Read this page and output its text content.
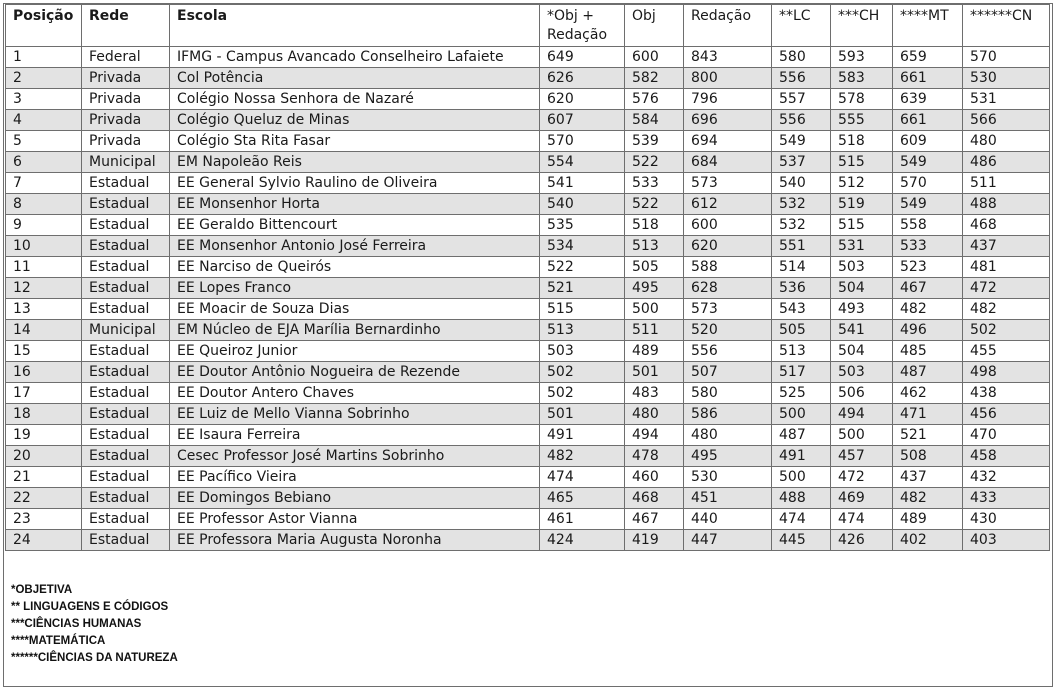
Posição	Rede	Escola	*Obj + Redação	Obj	Redação	**LC	***CH	****MT	******CN
1	Federal	IFMG - Campus Avancado Conselheiro Lafaiete	649	600	843	580	593	659	570
2	Privada	Col Potência	626	582	800	556	583	661	530
3	Privada	Colégio Nossa Senhora de Nazaré	620	576	796	557	578	639	531
4	Privada	Colégio Queluz de Minas	607	584	696	556	555	661	566
5	Privada	Colégio Sta Rita Fasar	570	539	694	549	518	609	480
6	Municipal	EM Napoleão Reis	554	522	684	537	515	549	486
7	Estadual	EE General Sylvio Raulino de Oliveira	541	533	573	540	512	570	511
8	Estadual	EE Monsenhor Horta	540	522	612	532	519	549	488
9	Estadual	EE Geraldo Bittencourt	535	518	600	532	515	558	468
10	Estadual	EE Monsenhor Antonio José Ferreira	534	513	620	551	531	533	437
11	Estadual	EE Narciso de Queirós	522	505	588	514	503	523	481
12	Estadual	EE Lopes Franco	521	495	628	536	504	467	472
13	Estadual	EE Moacir de Souza Dias	515	500	573	543	493	482	482
14	Municipal	EM Núcleo de EJA Marília Bernardinho	513	511	520	505	541	496	502
15	Estadual	EE Queiroz Junior	503	489	556	513	504	485	455
16	Estadual	EE Doutor Antônio Nogueira de Rezende	502	501	507	517	503	487	498
17	Estadual	EE Doutor Antero Chaves	502	483	580	525	506	462	438
18	Estadual	EE Luiz de Mello Vianna Sobrinho	501	480	586	500	494	471	456
19	Estadual	EE Isaura Ferreira	491	494	480	487	500	521	470
20	Estadual	Cesec Professor José Martins Sobrinho	482	478	495	491	457	508	458
21	Estadual	EE Pacífico Vieira	474	460	530	500	472	437	432
22	Estadual	EE Domingos Bebiano	465	468	451	488	469	482	433
23	Estadual	EE Professor Astor Vianna	461	467	440	474	474	489	430
24	Estadual	EE Professora Maria Augusta Noronha	424	419	447	445	426	402	403
*OBJETIVA
** LINGUAGENS E CÓDIGOS
***CIÊNCIAS HUMANAS
****MATEMÁTICA
******CIÊNCIAS DA NATUREZA
